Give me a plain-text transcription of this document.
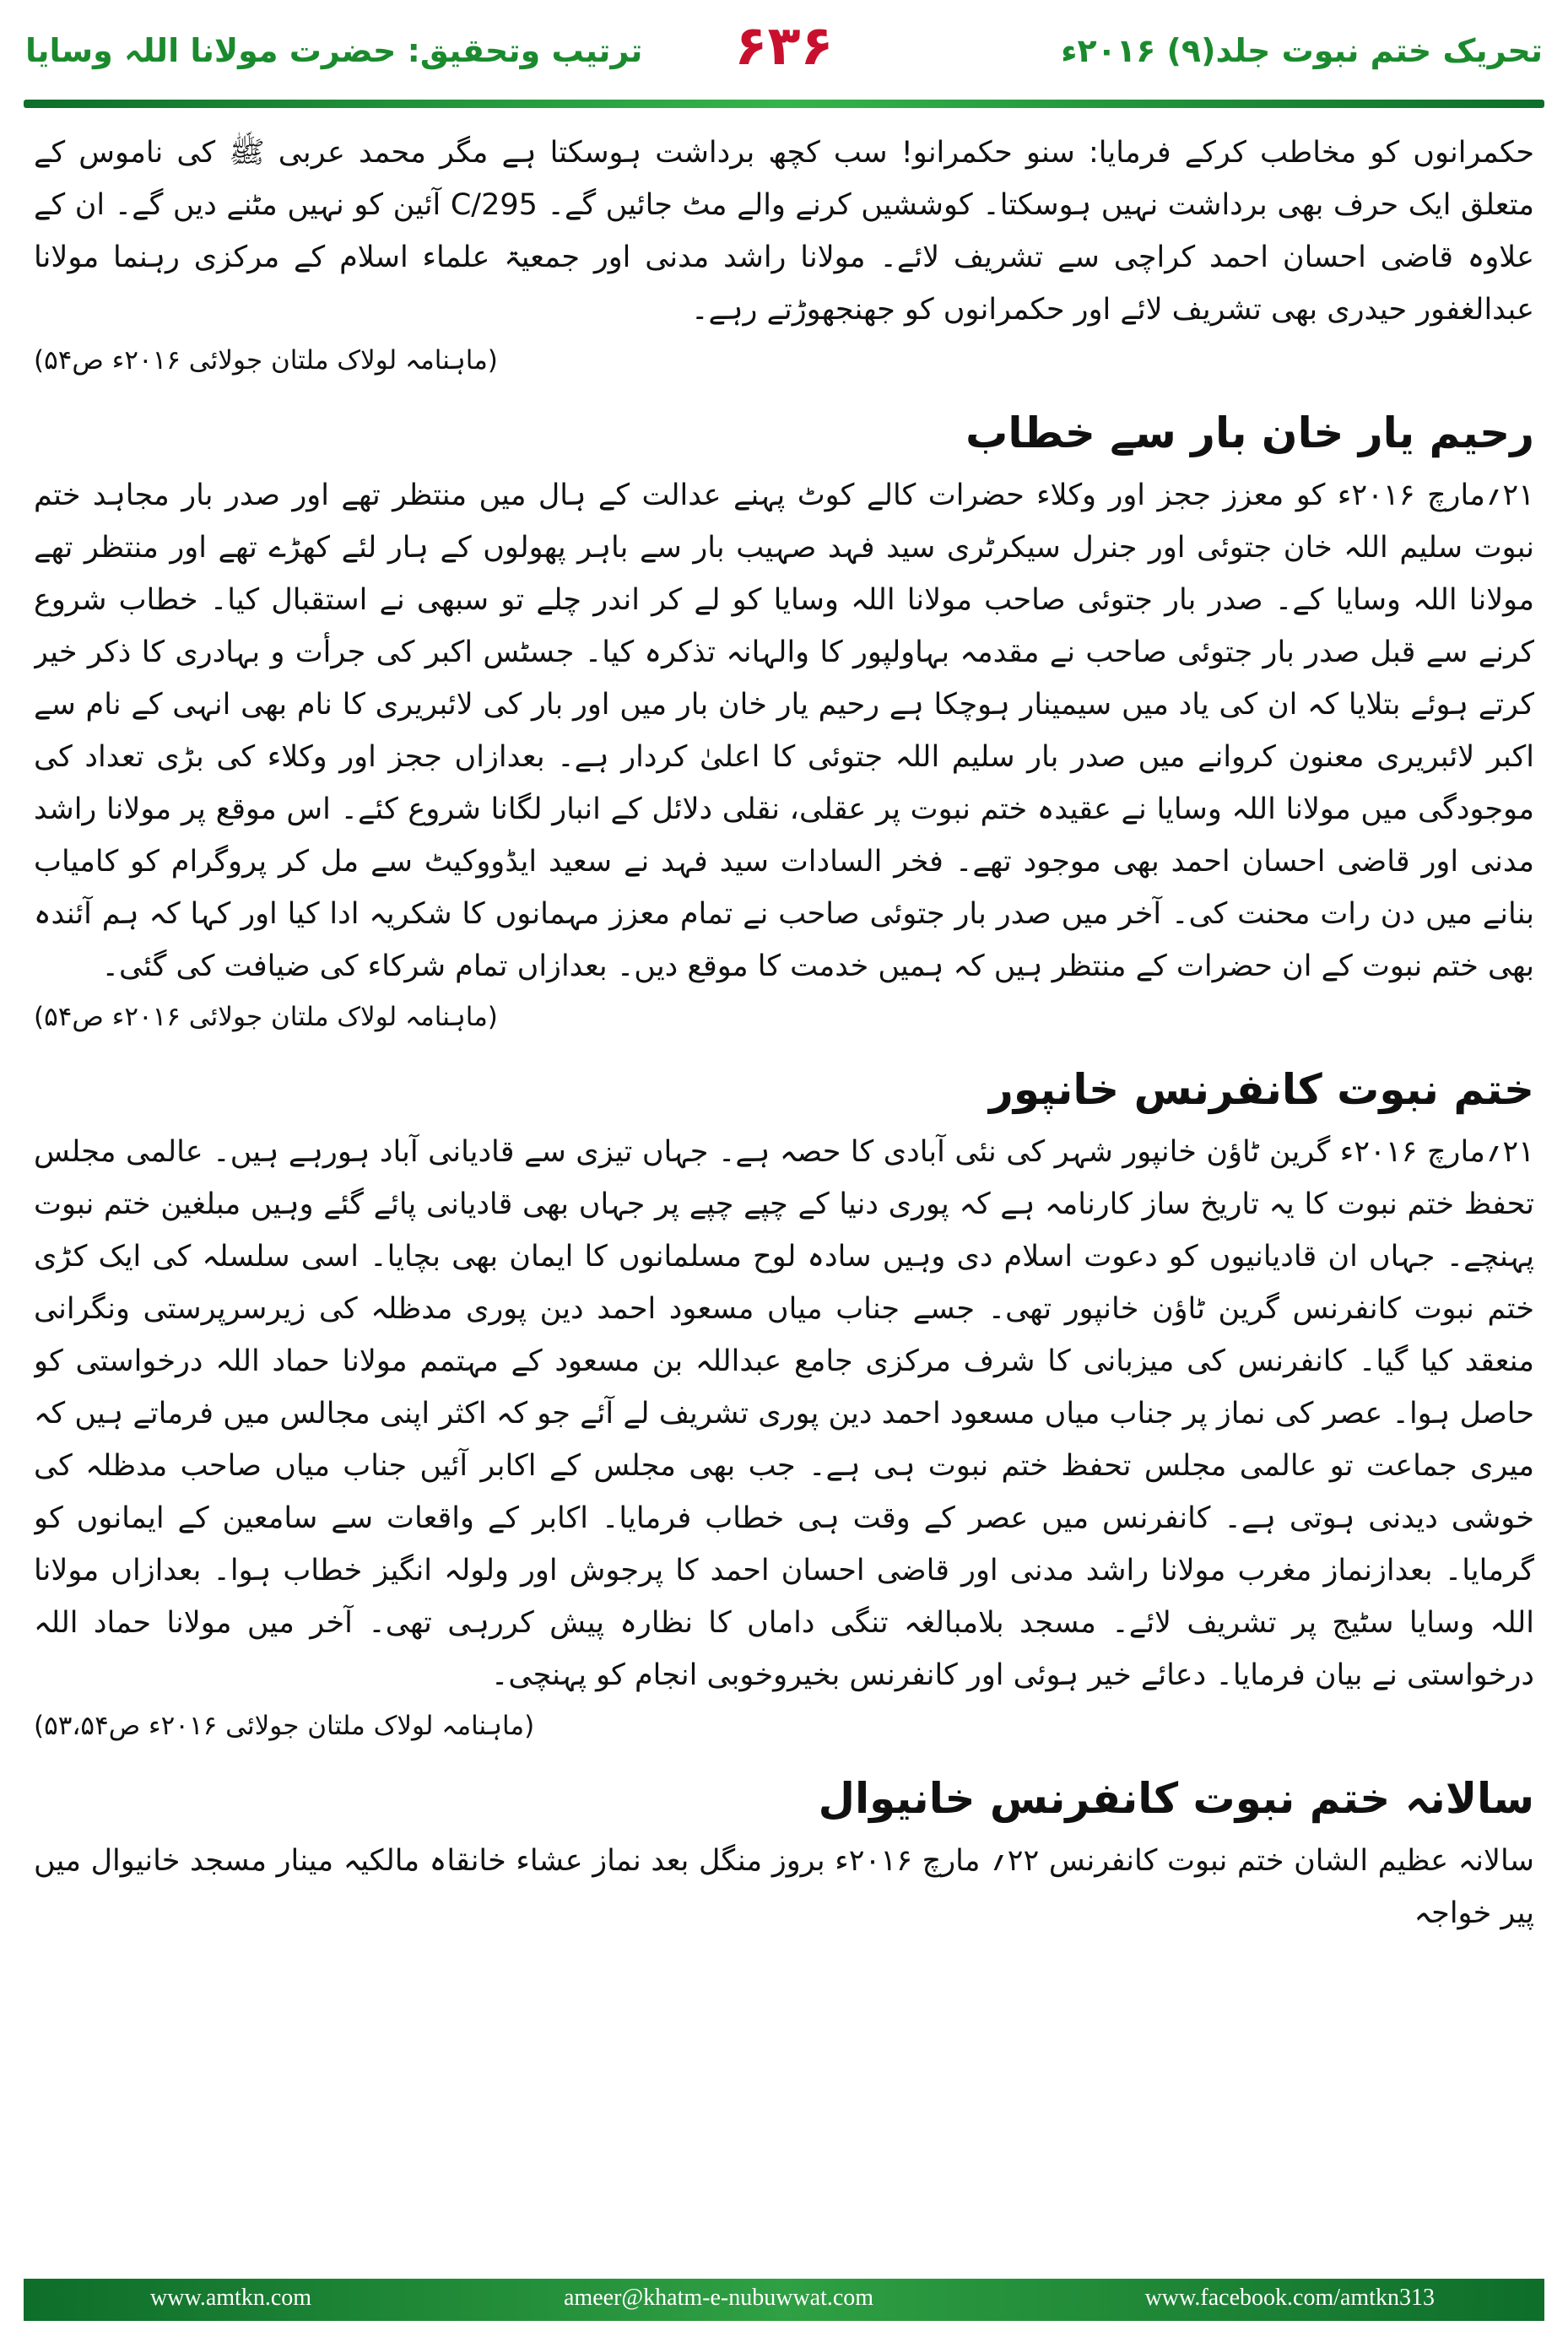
ترتیب وتحقیق: حضرت مولانا اللہ وسایا	۶۳۶	تحریک ختم نبوت جلد(۹) ۲۰۱۶ء

حکمرانوں کو مخاطب کرکے فرمایا: سنو حکمرانو! سب کچھ برداشت ہوسکتا ہے مگر محمد عربی ﷺ کی ناموس کے متعلق ایک حرف بھی برداشت نہیں ہوسکتا۔ کوششیں کرنے والے مٹ جائیں گے۔ 295/C آئین کو نہیں مٹنے دیں گے۔ ان کے علاوہ قاضی احسان احمد کراچی سے تشریف لائے۔ مولانا راشد مدنی اور جمعیۃ علماء اسلام کے مرکزی رہنما مولانا عبدالغفور حیدری بھی تشریف لائے اور حکمرانوں کو جھنجھوڑتے رہے۔

(ماہنامہ لولاک ملتان جولائی ۲۰۱۶ء ص۵۴)

رحیم یار خان بار سے خطاب

۲۱؍مارچ ۲۰۱۶ء کو معزز ججز اور وکلاء حضرات کالے کوٹ پہنے عدالت کے ہال میں منتظر تھے اور صدر بار مجاہد ختم نبوت سلیم اللہ خان جتوئی اور جنرل سیکرٹری سید فہد صہیب بار سے باہر پھولوں کے ہار لئے کھڑے تھے اور منتظر تھے مولانا اللہ وسایا کے۔ صدر بار جتوئی صاحب مولانا اللہ وسایا کو لے کر اندر چلے تو سبھی نے استقبال کیا۔ خطاب شروع کرنے سے قبل صدر بار جتوئی صاحب نے مقدمہ بہاولپور کا والہانہ تذکرہ کیا۔ جسٹس اکبر کی جرأت و بہادری کا ذکر خیر کرتے ہوئے بتلایا کہ ان کی یاد میں سیمینار ہوچکا ہے رحیم یار خان بار میں اور بار کی لائبریری کا نام بھی انہی کے نام سے اکبر لائبریری معنون کروانے میں صدر بار سلیم اللہ جتوئی کا اعلیٰ کردار ہے۔ بعدازاں ججز اور وکلاء کی بڑی تعداد کی موجودگی میں مولانا اللہ وسایا نے عقیدہ ختم نبوت پر عقلی، نقلی دلائل کے انبار لگانا شروع کئے۔ اس موقع پر مولانا راشد مدنی اور قاضی احسان احمد بھی موجود تھے۔ فخر السادات سید فہد نے سعید ایڈووکیٹ سے مل کر پروگرام کو کامیاب بنانے میں دن رات محنت کی۔ آخر میں صدر بار جتوئی صاحب نے تمام معزز مہمانوں کا شکریہ ادا کیا اور کہا کہ ہم آئندہ بھی ختم نبوت کے ان حضرات کے منتظر ہیں کہ ہمیں خدمت کا موقع دیں۔ بعدازاں تمام شرکاء کی ضیافت کی گئی۔

(ماہنامہ لولاک ملتان جولائی ۲۰۱۶ء ص۵۴)

ختم نبوت کانفرنس خانپور

۲۱؍مارچ ۲۰۱۶ء گرین ٹاؤن خانپور شہر کی نئی آبادی کا حصہ ہے۔ جہاں تیزی سے قادیانی آباد ہورہے ہیں۔ عالمی مجلس تحفظ ختم نبوت کا یہ تاریخ ساز کارنامہ ہے کہ پوری دنیا کے چپے چپے پر جہاں بھی قادیانی پائے گئے وہیں مبلغین ختم نبوت پہنچے۔ جہاں ان قادیانیوں کو دعوت اسلام دی وہیں سادہ لوح مسلمانوں کا ایمان بھی بچایا۔ اسی سلسلہ کی ایک کڑی ختم نبوت کانفرنس گرین ٹاؤن خانپور تھی۔ جسے جناب میاں مسعود احمد دین پوری مدظلہ کی زیرسرپرستی ونگرانی منعقد کیا گیا۔ کانفرنس کی میزبانی کا شرف مرکزی جامع عبداللہ بن مسعود کے مہتمم مولانا حماد اللہ درخواستی کو حاصل ہوا۔ عصر کی نماز پر جناب میاں مسعود احمد دین پوری تشریف لے آئے جو کہ اکثر اپنی مجالس میں فرماتے ہیں کہ میری جماعت تو عالمی مجلس تحفظ ختم نبوت ہی ہے۔ جب بھی مجلس کے اکابر آئیں جناب میاں صاحب مدظلہ کی خوشی دیدنی ہوتی ہے۔ کانفرنس میں عصر کے وقت ہی خطاب فرمایا۔ اکابر کے واقعات سے سامعین کے ایمانوں کو گرمایا۔ بعدازنماز مغرب مولانا راشد مدنی اور قاضی احسان احمد کا پرجوش اور ولولہ انگیز خطاب ہوا۔ بعدازاں مولانا اللہ وسایا سٹیج پر تشریف لائے۔ مسجد بلامبالغہ تنگی داماں کا نظارہ پیش کررہی تھی۔ آخر میں مولانا حماد اللہ درخواستی نے بیان فرمایا۔ دعائے خیر ہوئی اور کانفرنس بخیروخوبی انجام کو پہنچی۔

(ماہنامہ لولاک ملتان جولائی ۲۰۱۶ء ص۵۳،۵۴)

سالانہ ختم نبوت کانفرنس خانیوال

سالانہ عظیم الشان ختم نبوت کانفرنس ۲۲؍ مارچ ۲۰۱۶ء بروز منگل بعد نماز عشاء خانقاہ مالکیہ مینار مسجد خانیوال میں پیر خواجہ

www.amtkn.com	ameer@khatm-e-nubuwwat.com	www.facebook.com/amtkn313
